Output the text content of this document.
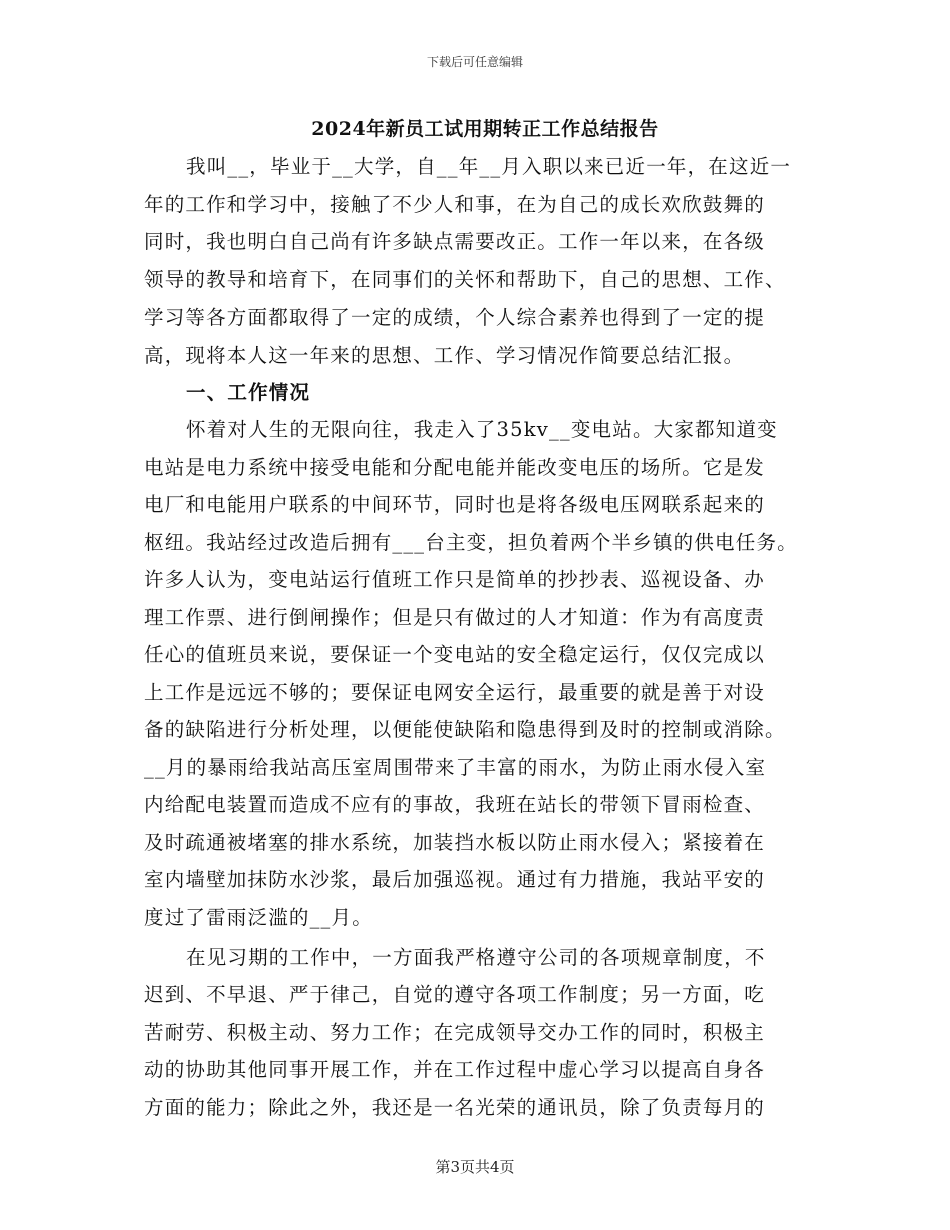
下载后可任意编辑
2024年新员工试用期转正工作总结报告
我叫__，毕业于__大学，自__年__月入职以来已近一年，在这近一
年的工作和学习中，接触了不少人和事，在为自己的成长欢欣鼓舞的
同时，我也明白自己尚有许多缺点需要改正。工作一年以来，在各级
领导的教导和培育下，在同事们的关怀和帮助下，自己的思想、工作、
学习等各方面都取得了一定的成绩，个人综合素养也得到了一定的提
高，现将本人这一年来的思想、工作、学习情况作简要总结汇报。
一、工作情况
怀着对人生的无限向往，我走入了35kv__变电站。大家都知道变
电站是电力系统中接受电能和分配电能并能改变电压的场所。它是发
电厂和电能用户联系的中间环节，同时也是将各级电压网联系起来的
枢纽。我站经过改造后拥有___台主变，担负着两个半乡镇的供电任务。
许多人认为，变电站运行值班工作只是简单的抄抄表、巡视设备、办
理工作票、进行倒闸操作；但是只有做过的人才知道：作为有高度责
任心的值班员来说，要保证一个变电站的安全稳定运行，仅仅完成以
上工作是远远不够的；要保证电网安全运行，最重要的就是善于对设
备的缺陷进行分析处理，以便能使缺陷和隐患得到及时的控制或消除。
__月的暴雨给我站高压室周围带来了丰富的雨水，为防止雨水侵入室
内给配电装置而造成不应有的事故，我班在站长的带领下冒雨检查、
及时疏通被堵塞的排水系统，加装挡水板以防止雨水侵入；紧接着在
室内墙壁加抹防水沙浆，最后加强巡视。通过有力措施，我站平安的
度过了雷雨泛滥的__月。
在见习期的工作中，一方面我严格遵守公司的各项规章制度，不
迟到、不早退、严于律己，自觉的遵守各项工作制度；另一方面，吃
苦耐劳、积极主动、努力工作；在完成领导交办工作的同时，积极主
动的协助其他同事开展工作，并在工作过程中虚心学习以提高自身各
方面的能力；除此之外，我还是一名光荣的通讯员，除了负责每月的
第3页共4页
